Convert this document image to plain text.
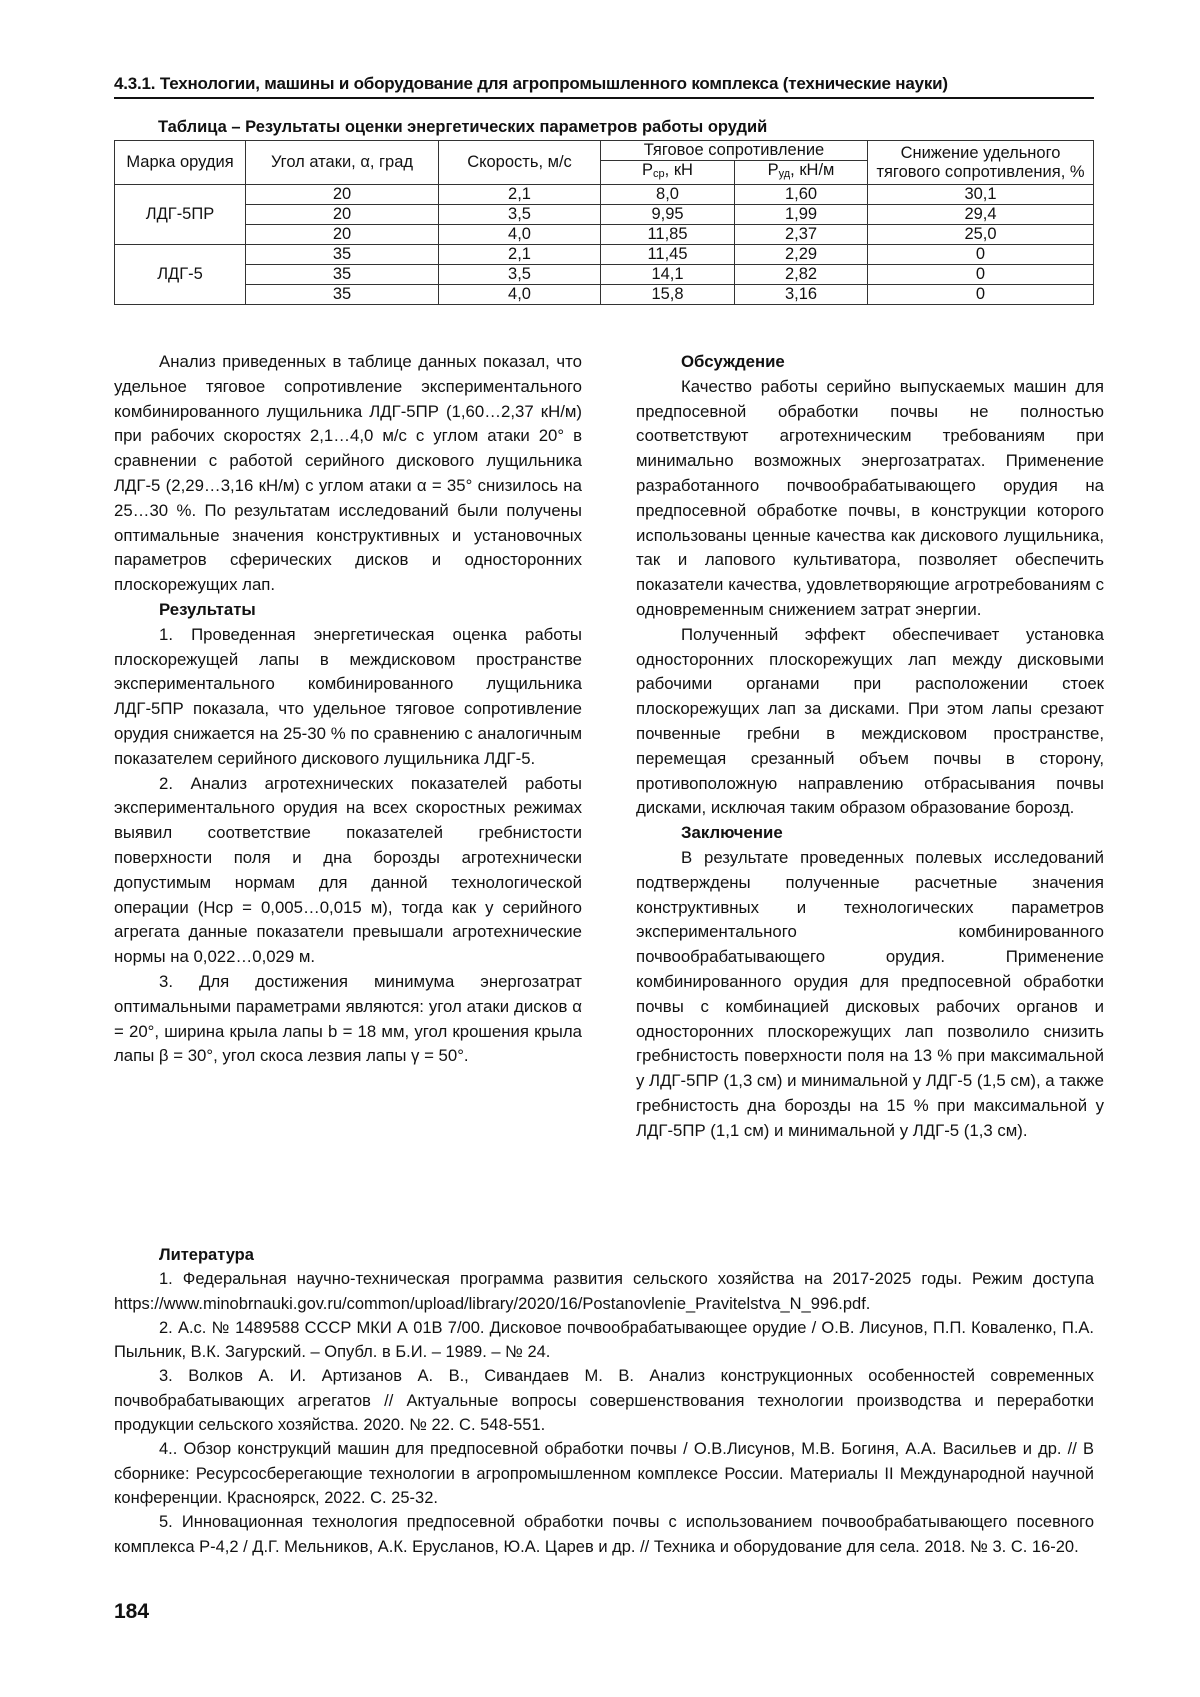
4.3.1. Технологии, машины и оборудование для агропромышленного комплекса (технические науки)
Таблица – Результаты оценки энергетических параметров работы орудий
Марка орудия	Угол атаки, α, град	Скорость, м/с	Тяговое сопротивление		Снижение удельного тягового сопротивления, %
			$P_{ср}$, кН	$P_{уд}$, кН/м	
ЛДГ-5ПР	20	2,1	8,0	1,60	30,1
	20	3,5	9,95	1,99	29,4
	20	4,0	11,85	2,37	25,0
ЛДГ-5	35	2,1	11,45	2,29	0
	35	3,5	14,1	2,82	0
	35	4,0	15,8	3,16	0

Анализ приведенных в таблице данных показал, что удельное тяговое сопротивление экспериментального комбинированного лущильника ЛДГ-5ПР (1,60…2,37 кН/м) при рабочих скоростях 2,1…4,0 м/с с углом атаки 20° в сравнении с работой серийного дискового лущильника ЛДГ-5 (2,29…3,16 кН/м) с углом атаки α = 35° снизилось на 25…30 %. По результатам исследований были получены оптимальные значения конструктивных и установочных параметров сферических дисков и односторонних плоскорежущих лап.

Результаты

1. Проведенная энергетическая оценка работы плоскорежущей лапы в междисковом пространстве экспериментального комбинированного лущильника ЛДГ-5ПР показала, что удельное тяговое сопротивление орудия снижается на 25-30 % по сравнению с аналогичным показателем серийного дискового лущильника ЛДГ-5.

2. Анализ агротехнических показателей работы экспериментального орудия на всех скоростных режимах выявил соответствие показателей гребнистости поверхности поля и дна борозды агротехнически допустимым нормам для данной технологической операции (Hср = 0,005…0,015 м), тогда как у серийного агрегата данные показатели превышали агротехнические нормы на 0,022…0,029 м.

3. Для достижения минимума энергозатрат оптимальными параметрами являются: угол атаки дисков α = 20°, ширина крыла лапы b = 18 мм, угол крошения крыла лапы β = 30°, угол скоса лезвия лапы γ = 50°.

Обсуждение

Качество работы серийно выпускаемых машин для предпосевной обработки почвы не полностью соответствуют агротехническим требованиям при минимально возможных энергозатратах. Применение разработанного почвообрабатывающего орудия на предпосевной обработке почвы, в конструкции которого использованы ценные качества как дискового лущильника, так и лапового культиватора, позволяет обеспечить показатели качества, удовлетворяющие агротребованиям с одновременным снижением затрат энергии.

Полученный эффект обеспечивает установка односторонних плоскорежущих лап между дисковыми рабочими органами при расположении стоек плоскорежущих лап за дисками. При этом лапы срезают почвенные гребни в междисковом пространстве, перемещая срезанный объем почвы в сторону, противоположную направлению отбрасывания почвы дисками, исключая таким образом образование борозд.

Заключение

В результате проведенных полевых исследований подтверждены полученные расчетные значения конструктивных и технологических параметров экспериментального комбинированного почвообрабатывающего орудия. Применение комбинированного орудия для предпосевной обработки почвы с комбинацией дисковых рабочих органов и односторонних плоскорежущих лап позволило снизить гребнистость поверхности поля на 13 % при максимальной у ЛДГ-5ПР (1,3 см) и минимальной у ЛДГ-5 (1,5 см), а также гребнистость дна борозды на 15 % при максимальной у ЛДГ-5ПР (1,1 см) и минимальной у ЛДГ-5 (1,3 см).

Литература

1. Федеральная научно-техническая программа развития сельского хозяйства на 2017-2025 годы. Режим доступа https://www.minobrnauki.gov.ru/common/upload/library/2020/16/Postanovlenie_Pravitelstva_N_996.pdf.

2. А.с. № 1489588 СССР МКИ А 01В 7/00. Дисковое почвообрабатывающее орудие / О.В. Лисунов, П.П. Коваленко, П.А. Пыльник, В.К. Загурский. – Опубл. в Б.И. – 1989. – № 24.

3. Волков А. И. Артизанов А. В., Сивандаев М. В. Анализ конструкционных особенностей современных почвобрабатывающих агрегатов // Актуальные вопросы совершенствования технологии производства и переработки продукции сельского хозяйства. 2020. № 22. С. 548-551.

4.. Обзор конструкций машин для предпосевной обработки почвы / О.В.Лисунов, М.В. Богиня, А.А. Васильев и др. // В сборнике: Ресурсосберегающие технологии в агропромышленном комплексе России. Материалы II Международной научной конференции. Красноярск, 2022. С. 25-32.

5. Инновационная технология предпосевной обработки почвы с использованием почвообрабатывающего посевного комплекса Р-4,2 / Д.Г. Мельников, А.К. Ерусланов, Ю.А. Царев и др. // Техника и оборудование для села. 2018. № 3. С. 16-20.

184
